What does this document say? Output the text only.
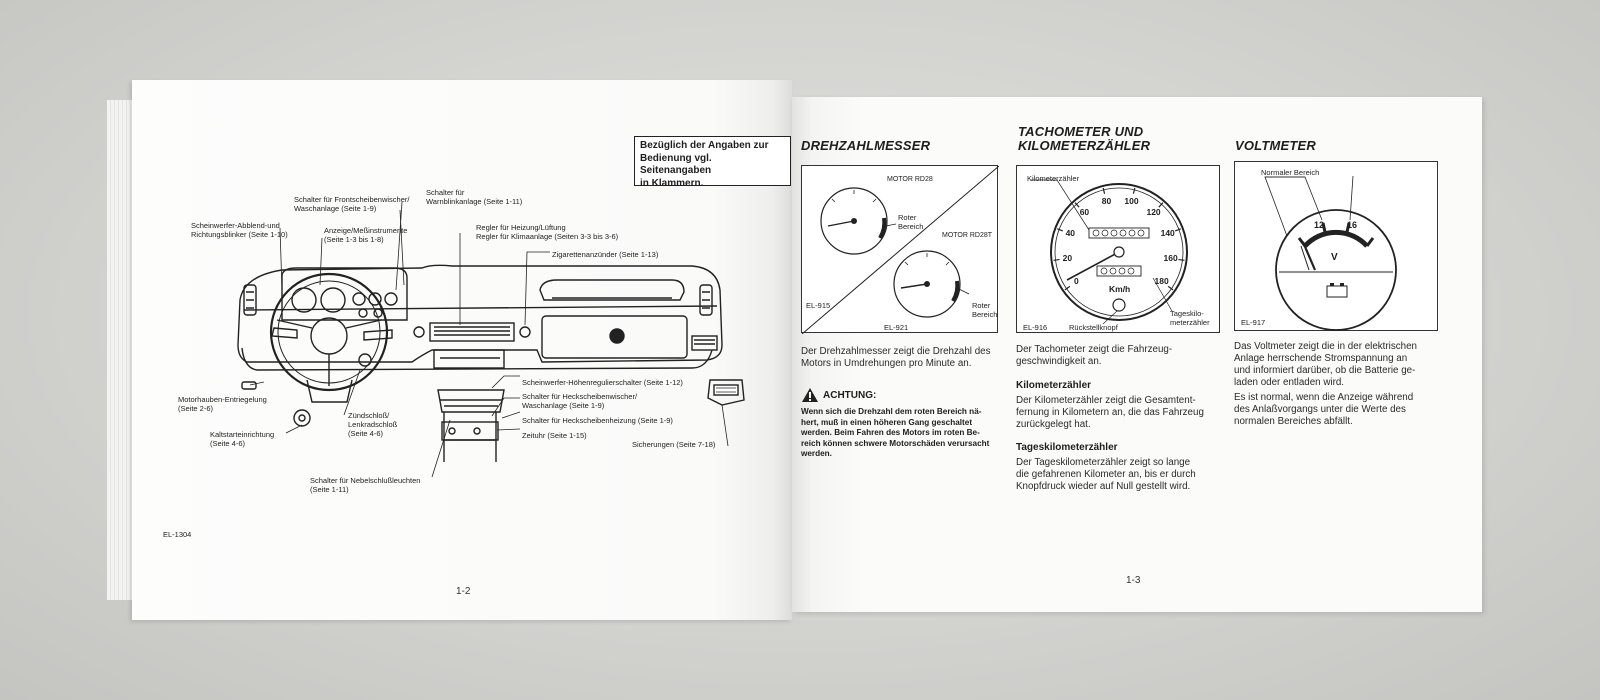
Bezüglich der Angaben zur
Bedienung vgl. Seitenangaben
in Klammern.
Schalter für Frontscheibenwischer/
Waschanlage (Seite 1-9)
Schalter für
Warnblinkanlage (Seite 1-11)
Scheinwerfer-Abblend-und
Richtungsblinker (Seite 1-10)	Anzeige/Meßinstrumente
(Seite 1-3 bis 1-8)
Regler für Heizung/Lüftung
Regler für Klimaanlage (Seiten 3-3 bis 3-6)
Zigarettenanzünder (Seite 1-13)
Scheinwerfer-Höhenregulierschalter (Seite 1-12)
Schalter für Heckscheibenwischer/
Waschanlage (Seite 1-9)
Schalter für Heckscheibenheizung (Seite 1-9)
Zeituhr (Seite 1-15)
Sicherungen (Seite 7-18)
Motorhauben-Entriegelung
(Seite 2-6)
Kaltstarteinrichtung
(Seite 4-6)
Zündschloß/
Lenkradschloß
(Seite 4-6)
Schalter für Nebelschlußleuchten
(Seite 1-11)
EL-1304
1-2
DREHZAHLMESSER
MOTOR RD28
MOTOR RD28T
Roter
Bereich
Roter
Bereich
EL-915
EL-921
Der Drehzahlmesser zeigt die Drehzahl des
Motors in Umdrehungen pro Minute an.
ACHTUNG:
Wenn sich die Drehzahl dem roten Bereich nä-
hert, muß in einen höheren Gang geschaltet
werden. Beim Fahren des Motors im roten Be-
reich können schwere Motorschäden verursacht
werden.
TACHOMETER UND
KILOMETERZÄHLER
0
20
40
60
80	100
120
140
160
180
Km/h
Kilometerzähler
Rückstellknopf
Tageskilo-
meterzähler
EL-916
Der Tachometer zeigt die Fahrzeug-
geschwindigkeit an.
Kilometerzähler
Der Kilometerzähler zeigt die Gesamtent-
fernung in Kilometern an, die das Fahrzeug
zurückgelegt hat.
Tageskilometerzähler
Der Tageskilometerzähler zeigt so lange
die gefahrenen Kilometer an, bis er durch
Knopfdruck wieder auf Null gestellt wird.
VOLTMETER
Normaler Bereich
12	16
V
EL-917
Das Voltmeter zeigt die in der elektrischen
Anlage herrschende Stromspannung an
und informiert darüber, ob die Batterie ge-
laden oder entladen wird.
Es ist normal, wenn die Anzeige während
des Anlaßvorgangs unter die Werte des
normalen Bereiches abfällt.
1-3
